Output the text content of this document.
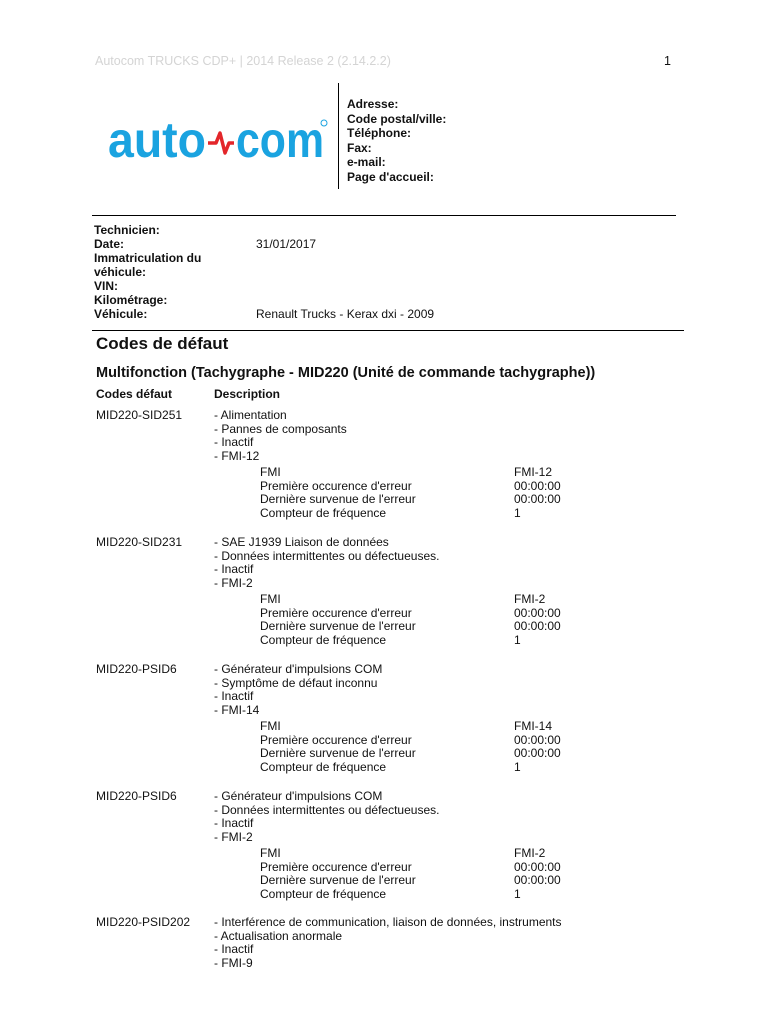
Autocom TRUCKS CDP+ | 2014 Release 2 (2.14.2.2)	1
auto com
Adresse:
Code postal/ville:
Téléphone:
Fax:
e-mail:
Page d'accueil:
Technicien:
Date:	31/01/2017
Immatriculation du
véhicule:
VIN:
Kilométrage:
Véhicule:	Renault Trucks - Kerax dxi - 2009
Codes de défaut
Multifonction (Tachygraphe - MID220 (Unité de commande tachygraphe))
Codes défaut	Description
MID220-SID251	- Alimentation
- Pannes de composants
- Inactif
- FMI-12
FMI	FMI-12
Première occurence d'erreur	00:00:00
Dernière survenue de l'erreur	00:00:00
Compteur de fréquence	1
MID220-SID231	- SAE J1939 Liaison de données
- Données intermittentes ou défectueuses.
- Inactif
- FMI-2
FMI	FMI-2
Première occurence d'erreur	00:00:00
Dernière survenue de l'erreur	00:00:00
Compteur de fréquence	1
MID220-PSID6	- Générateur d'impulsions COM
- Symptôme de défaut inconnu
- Inactif
- FMI-14
FMI	FMI-14
Première occurence d'erreur	00:00:00
Dernière survenue de l'erreur	00:00:00
Compteur de fréquence	1
MID220-PSID6	- Générateur d'impulsions COM
- Données intermittentes ou défectueuses.
- Inactif
- FMI-2
FMI	FMI-2
Première occurence d'erreur	00:00:00
Dernière survenue de l'erreur	00:00:00
Compteur de fréquence	1
MID220-PSID202 - Interférence de communication, liaison de données, instruments
- Actualisation anormale
- Inactif
- FMI-9
